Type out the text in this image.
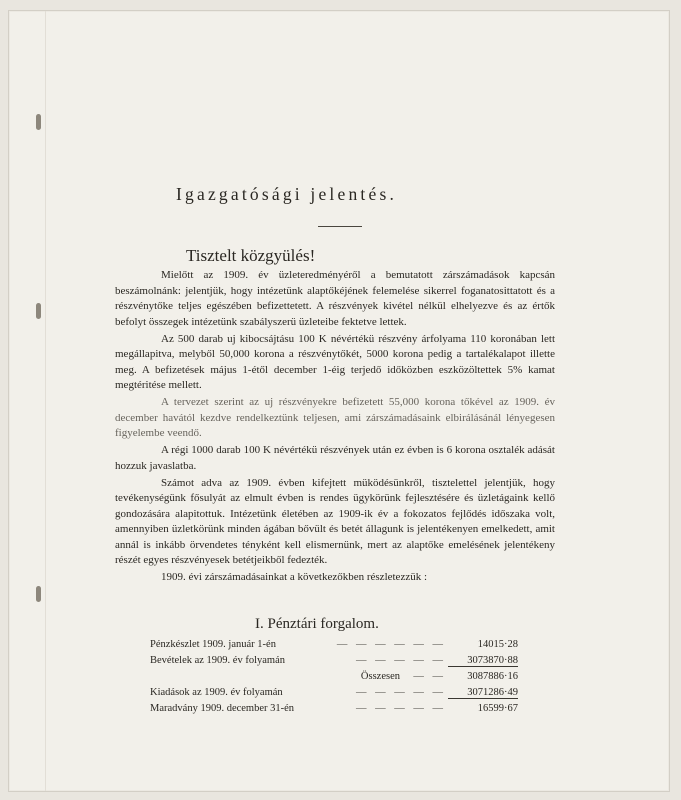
Igazgatósági jelentés.
Tisztelt közgyülés!

Mielőtt az 1909. év üzleteredményéről a bemutatott zárszámadások kapcsán beszámolnánk: jelentjük, hogy intézetünk alaptőkéjének felemelése sikerrel foganatosittatott és a részvénytőke teljes egészében befizettetett. A részvények kivétel nélkül elhelyezve és az értők befolyt összegek intézetünk szabályszerü üzleteibe fektetve lettek.

Az 500 darab uj kibocsájtásu 100 K névértékü részvény árfolyama 110 koronában lett megállapitva, melyből 50,000 korona a részvénytőkét, 5000 korona pedig a tartalékalapot illette meg. A befizetések május 1-étől december 1-éig terjedő időközben eszközöltettek 5% kamat megtéritése mellett.

A tervezet szerint az uj részvényekre befizetett 55,000 korona tőkével az 1909. év december havától kezdve rendelkeztünk teljesen, ami zárszámadásaink elbirálásánál lényegesen figyelembe veendő.

A régi 1000 darab 100 K névértékü részvények után ez évben is 6 korona osztalék adását hozzuk javaslatba.

Számot adva az 1909. évben kifejtett müködésünkről, tisztelettel jelentjük, hogy tevékenységünk fősulyát az elmult évben is rendes ügykörünk fejlesztésére és üzletágaink kellő gondozására alapitottuk. Intézetünk életében az 1909-ik év a fokozatos fejlődés időszaka volt, amennyiben üzletkörünk minden ágában bővült és betét állagunk is jelentékenyen emelkedett, amit annál is inkább örvendetes tényként kell elismernünk, mert az alaptőke emelésének jelentékeny részét egyes részvényesek betétjeikből fedezték.

1909. évi zárszámadásainkat a következőkben részletezzük :

I. Pénztári forgalom.
Pénzkészlet 1909. január 1-én	— — — — — —	14015·28
Bevételek az 1909. év folyamán	— — — — —	3073870·88
Összesen — —	3087886·16
Kiadások az 1909. év folyamán	— — — — —	3071286·49
Maradvány 1909. december 31-én	— — — — —	16599·67
